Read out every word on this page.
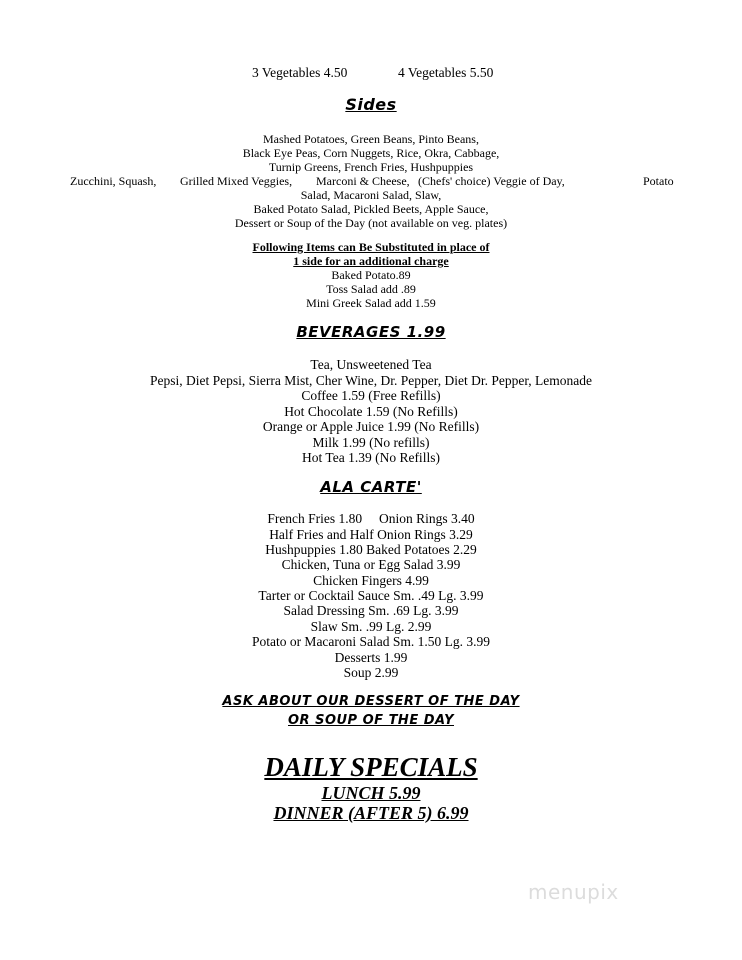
3 Vegetables 4.50	4 Vegetables 5.50
Sides
Mashed Potatoes, Green Beans, Pinto Beans,
Black Eye Peas, Corn Nuggets, Rice, Okra, Cabbage,
Turnip Greens, French Fries, Hushpuppies
Zucchini, Squash, Grilled Mixed Veggies, Marconi & Cheese, (Chefs' choice) Veggie of Day,	Potato
Salad, Macaroni Salad, Slaw,
Baked Potato Salad, Pickled Beets, Apple Sauce,
Dessert or Soup of the Day (not available on veg. plates)
Following Items can Be Substituted in place of
1 side for an additional charge
Baked Potato.89
Toss Salad add .89
Mini Greek Salad add 1.59
BEVERAGES 1.99
Tea, Unsweetened Tea
Pepsi, Diet Pepsi, Sierra Mist, Cher Wine, Dr. Pepper, Diet Dr. Pepper, Lemonade
Coffee 1.59 (Free Refills)
Hot Chocolate 1.59 (No Refills)
Orange or Apple Juice 1.99 (No Refills)
Milk 1.99 (No refills)
Hot Tea 1.39 (No Refills)
ALA CARTE'
French Fries 1.80     Onion Rings 3.40
Half Fries and Half Onion Rings 3.29
Hushpuppies 1.80 Baked Potatoes 2.29
Chicken, Tuna or Egg Salad 3.99
Chicken Fingers 4.99
Tarter or Cocktail Sauce Sm. .49 Lg. 3.99
Salad Dressing Sm. .69 Lg. 3.99
Slaw Sm. .99 Lg. 2.99
Potato or Macaroni Salad Sm. 1.50 Lg. 3.99
Desserts 1.99
Soup 2.99
ASK ABOUT OUR DESSERT OF THE DAY
OR SOUP OF THE DAY
DAILY SPECIALS
LUNCH 5.99
DINNER (AFTER 5) 6.99
menupix
